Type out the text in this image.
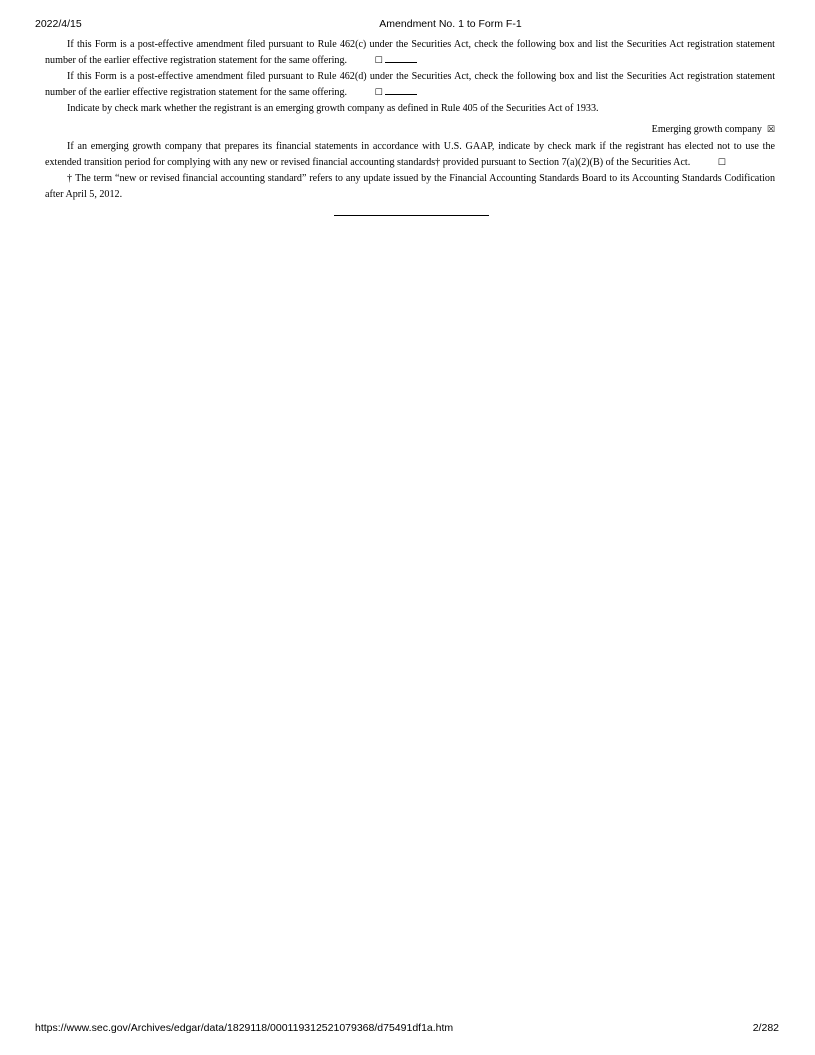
2022/4/15	Amendment No. 1 to Form F-1

If this Form is a post-effective amendment filed pursuant to Rule 462(c) under the Securities Act, check the following box and list the Securities Act registration statement number of the earlier effective registration statement for the same offering.	☐

If this Form is a post-effective amendment filed pursuant to Rule 462(d) under the Securities Act, check the following box and list the Securities Act registration statement number of the earlier effective registration statement for the same offering.	☐

Indicate by check mark whether the registrant is an emerging growth company as defined in Rule 405 of the Securities Act of 1933.

Emerging growth company ☒

If an emerging growth company that prepares its financial statements in accordance with U.S. GAAP, indicate by check mark if the registrant has elected not to use the extended transition period for complying with any new or revised financial accounting standards† provided pursuant to Section 7(a)(2)(B) of the Securities Act.	☐

† The term “new or revised financial accounting standard” refers to any update issued by the Financial Accounting Standards Board to its Accounting Standards Codification after April 5, 2012.

https://www.sec.gov/Archives/edgar/data/1829118/000119312521079368/d75491df1a.htm	2/282
